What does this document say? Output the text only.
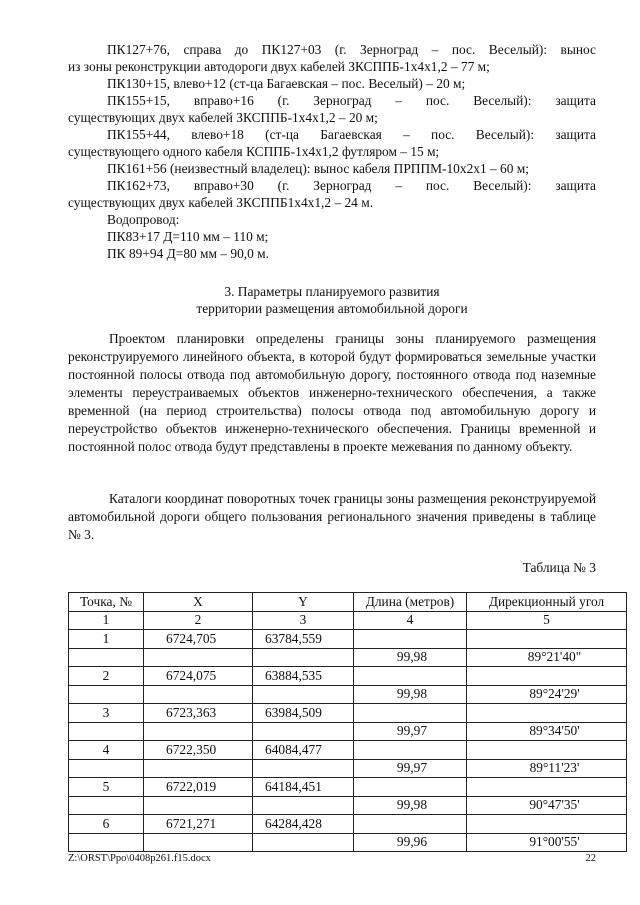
ПК127+76, справа до ПК127+03 (г. Зерноград – пос. Веселый): вынос
из зоны реконструкции автодороги двух кабелей ЗКСППБ-1х4х1,2 – 77 м;
ПК130+15, влево+12 (ст-ца Багаевская – пос. Веселый) – 20 м;
ПК155+15, вправо+16 (г. Зерноград – пос. Веселый): защита
существующих двух кабелей ЗКСППБ-1х4х1,2 – 20 м;
ПК155+44, влево+18 (ст-ца Багаевская – пос. Веселый): защита
существующего одного кабеля КСППБ-1х4х1,2 футляром – 15 м;
ПК161+56 (неизвестный владелец): вынос кабеля ПРППМ-10х2х1 – 60 м;
ПК162+73, вправо+30 (г. Зерноград – пос. Веселый): защита
существующих двух кабелей ЗКСППБ1х4х1,2 – 24 м.
Водопровод:
ПК83+17 Д=110 мм – 110 м;
ПК 89+94 Д=80 мм – 90,0 м.
3. Параметры планируемого развития
территории размещения автомобильной дороги
Проектом планировки определены границы зоны планируемого размещения реконструируемого линейного объекта, в которой будут формироваться земельные участки постоянной полосы отвода под автомобильную дорогу, постоянного отвода под наземные элементы переустраиваемых объектов инженерно-технического обеспечения, а также временной (на период строительства) полосы отвода под автомобильную дорогу и переустройство объектов инженерно-технического обеспечения. Границы временной и постоянной полос отвода будут представлены в проекте межевания по данному объекту.
Каталоги координат поворотных точек границы зоны размещения реконструируемой автомобильной дороги общего пользования регионального значения приведены в таблице № 3.
Таблица № 3
Точка, №	X	Y	Длина (метров)	Дирекционный угол
1	2	3	4	5
1	6724,705	63784,559		
			99,98	89°21'40"
2	6724,075	63884,535		
			99,98	89°24'29'
3	6723,363	63984,509		
			99,97	89°34'50'
4	6722,350	64084,477		
			99,97	89°11'23'
5	6722,019	64184,451		
			99,98	90°47'35'
6	6721,271	64284,428		
			99,96	91°00'55'
Z:\ORST\Ppo\0408p261.f15.docx	22
